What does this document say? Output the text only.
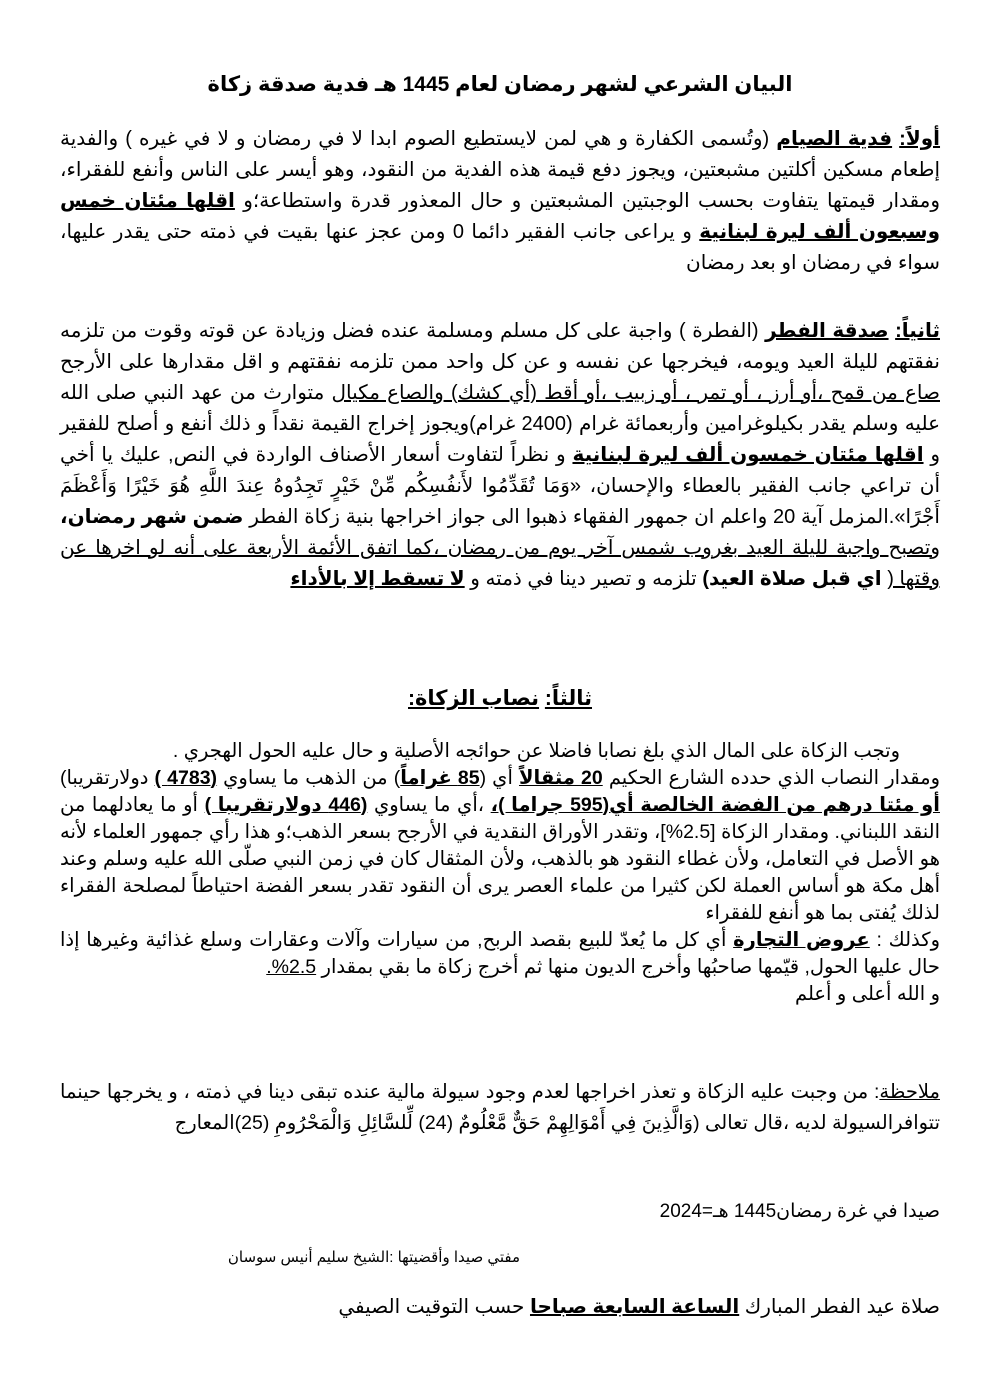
البيان الشرعي لشهر رمضان لعام 1445 هـ فدية صدقة زكاة
أولاً: فدية الصيام (وتُسمى الكفارة و هي لمن لايستطيع الصوم ابدا لا في رمضان و لا في غيره ) والفدية إطعام مسكين أكلتين مشبعتين، ويجوز دفع قيمة هذه الفدية من النقود، وهو أيسر على الناس وأنفع للفقراء، ومقدار قيمتها يتفاوت بحسب الوجبتين المشبعتين و حال المعذور قدرة واستطاعة؛و اقلها مئتان خمس وسبعون ألف ليرة لبنانية و يراعى جانب الفقير دائما 0 ومن عجز عنها بقيت في ذمته حتى يقدر عليها، سواء في رمضان او بعد رمضان
ثانياً: صدقة الفطر (الفطرة ) واجبة على كل مسلم ومسلمة عنده فضل وزيادة عن قوته وقوت من تلزمه نفقتهم لليلة العيد ويومه، فيخرجها عن نفسه و عن كل واحد ممن تلزمه نفقتهم و اقل مقدارها على الأرجح صاع من قمح ،أو أرز ، أو تمر ، أو زبيب ،أو أقط (أي كشك) والصاع مكيال متوارث من عهد النبي صلى الله عليه وسلم يقدر بكيلوغرامين وأربعمائة غرام (2400 غرام)ويجوز إخراج القيمة نقداً و ذلك أنفع و أصلح للفقير و اقلها مئتان خمسون ألف ليرة لبنانية و نظراً لتفاوت أسعار الأصناف الواردة في النص, عليك يا أخي أن تراعي جانب الفقير بالعطاء والإحسان، «وَمَا تُقَدِّمُوا لأَنفُسِكُم مِّنْ خَيْرٍ تَجِدُوهُ عِندَ اللَّهِ هُوَ خَيْرًا وَأَعْظَمَ أَجْرًا».المزمل آية 20 واعلم ان جمهور الفقهاء ذهبوا الى جواز اخراجها بنية زكاة الفطر ضمن شهر رمضان، وتصبح واجبة لليلة العيد بغروب شمس آخر يوم من رمضان ،كما اتفق الأئمة الأربعة على أنه لو اخرها عن وقتها ( اي قبل صلاة العيد) تلزمه و تصير دينا في ذمته و لا تسقط إلا بالأداء
ثالثاً: نصاب الزكاة:
وتجب الزكاة على المال الذي بلغ نصابا فاضلا عن حوائجه الأصلية و حال عليه الحول الهجري .
ومقدار النصاب الذي حدده الشارع الحكيم 20 مثقالاً أي (85 غراماً) من الذهب ما يساوي (4783 ) دولارتقريبا) أو مئتا درهم من الفضة الخالصة أي(595 جراما )، ،أي ما يساوي (446 دولارتقريبا ) أو ما يعادلهما من النقد اللبناني. ومقدار الزكاة [2.5%]، وتقدر الأوراق النقدية في الأرجح بسعر الذهب؛و هذا رأي جمهور العلماء لأنه هو الأصل في التعامل، ولأن غطاء النقود هو بالذهب، ولأن المثقال كان في زمن النبي صلّى الله عليه وسلم وعند أهل مكة هو أساس العملة لكن كثيرا من علماء العصر يرى أن النقود تقدر بسعر الفضة احتياطاً لمصلحة الفقراء لذلك يُفتى بما هو أنفع للفقراء
وكذلك : عروض التجارة أي كل ما يُعدّ للبيع بقصد الربح, من سيارات وآلات وعقارات وسلع غذائية وغيرها إذا حال عليها الحول, قيّمها صاحبُها وأخرج الديون منها ثم أخرج زكاة ما بقي بمقدار 2.5%.
و الله أعلى و أعلم
ملاحظة: من وجبت عليه الزكاة و تعذر اخراجها لعدم وجود سيولة مالية عنده تبقى دينا في ذمته ، و يخرجها حينما تتوافرالسيولة لديه ،قال تعالى (وَالَّذِينَ فِي أَمْوَالِهِمْ حَقٌّ مَّعْلُومٌ (24) لِّلسَّائِلِ وَالْمَحْرُومِ (25)المعارج
صيدا في غرة رمضان1445 هـ=2024
مفتي صيدا وأقضيتها :الشيخ سليم أنيس سوسان
صلاة عيد الفطر المبارك الساعة السابعة صباحا حسب التوقيت الصيفي
